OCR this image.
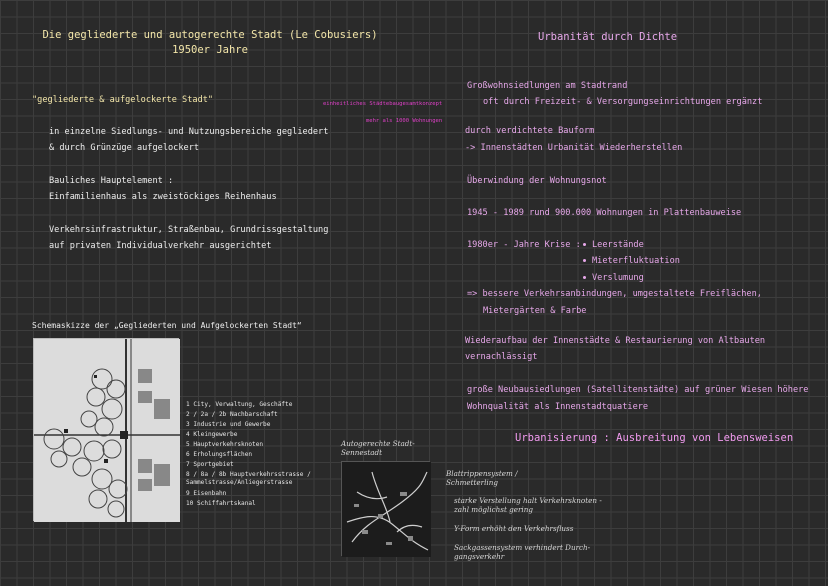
Die gegliederte und autogerechte Stadt (Le Cobusiers)
1950er Jahre
Urbanität durch Dichte
"gegliederte & aufgelockerte Stadt"
in einzelne Siedlungs- und Nutzungsbereiche gegliedert
& durch Grünzüge aufgelockert
Bauliches Hauptelement :
Einfamilienhaus als zweistöckiges Reihenhaus
Verkehrsinfrastruktur, Straßenbau, Grundrissgestaltung
auf privaten Individualverkehr ausgerichtet
Schemaskizze der „Gegliederten und Aufgelockerten Stadt“
1 City, Verwaltung, Geschäfte
2 / 2a / 2b Nachbarschaft
3 Industrie und Gewerbe
4 Kleingewerbe
5 Hauptverkehrsknoten
6 Erholungsflächen
7 Sportgebiet
8 / 8a / 8b Hauptverkehrsstrasse / Sammelstrasse/Anliegerstrasse
9 Eisenbahn
10 Schiffahrtskanal
einheitliches Städtebaugesamtkonzept
mehr als 1000 Wohnungen
Autogerechte Stadt-
Sennestadt
Blattrippensystem /
Schmetterling
starke Verstellung halt Verkehrsknoten -
zahl möglichst gering
Y-Form erhöht den Verkehrsfluss
Sackgassensystem verhindert Durch-
gangsverkehr
Großwohnsiedlungen am Stadtrand
oft durch Freizeit- & Versorgungseinrichtungen ergänzt
durch verdichtete Bauform
-> Innenstädten Urbanität Wiederherstellen
Überwindung der Wohnungsnot
1945 - 1989 rund 900.000 Wohnungen in Plattenbauweise
1980er - Jahre Krise :	Leerstände
Mieterfluktuation
Verslumung
=> bessere Verkehrsanbindungen, umgestaltete Freiflächen,
Mietergärten & Farbe
Wiederaufbau der Innenstädte & Restaurierung von Altbauten
vernachlässigt
große Neubausiedlungen (Satellitenstädte) auf grüner Wiesen höhere
Wohnqualität als Innenstadtquatiere
Urbanisierung : Ausbreitung von Lebensweisen
